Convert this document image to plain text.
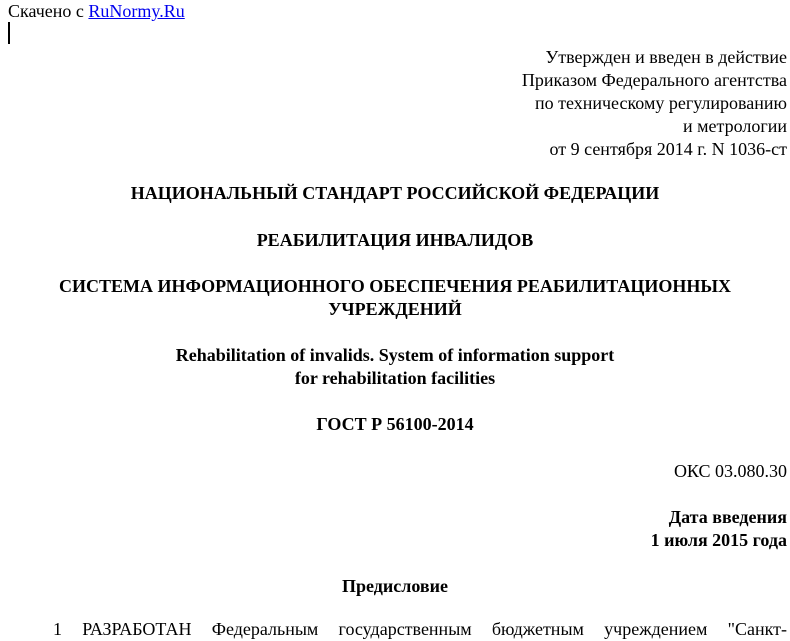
Скачено с RuNormy.Ru
Утвержден и введен в действие
Приказом Федерального агентства
по техническому регулированию
и метрологии
от 9 сентября 2014 г. N 1036-ст
НАЦИОНАЛЬНЫЙ СТАНДАРТ РОССИЙСКОЙ ФЕДЕРАЦИИ
РЕАБИЛИТАЦИЯ ИНВАЛИДОВ
СИСТЕМА ИНФОРМАЦИОННОГО ОБЕСПЕЧЕНИЯ РЕАБИЛИТАЦИОННЫХ
УЧРЕЖДЕНИЙ
Rehabilitation of invalids. System of information support
for rehabilitation facilities
ГОСТ Р 56100-2014
ОКС 03.080.30
Дата введения
1 июля 2015 года
Предисловие
1 РАЗРАБОТАН Федеральным государственным бюджетным учреждением "Санкт-
